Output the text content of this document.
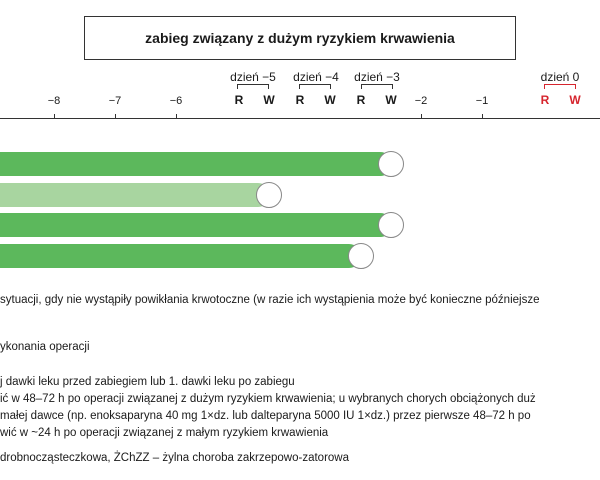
zabieg związany z dużym ryzykiem krwawienia
dzień −5 dzień −4 dzień −3	dzień 0
R W R W R W	R W
−8	−7	−6	−2	−1
sytuacji, gdy nie wystąpiły powikłania krwotoczne (w razie ich wystąpienia może być konieczne późniejsze
ykonania operacji
j dawki leku przed zabiegiem lub 1. dawki leku po zabiegu
ić w 48–72 h po operacji związanej z dużym ryzykiem krwawienia; u wybranych chorych obciążonych duż
małej dawce (np. enoksaparyna 40 mg 1×dz. lub dalteparyna 5000 IU 1×dz.) przez pierwsze 48–72 h po
wić w ~24 h po operacji związanej z małym ryzykiem krwawienia
drobnocząsteczkowa, ŻChZZ – żylna choroba zakrzepowo-zatorowa
